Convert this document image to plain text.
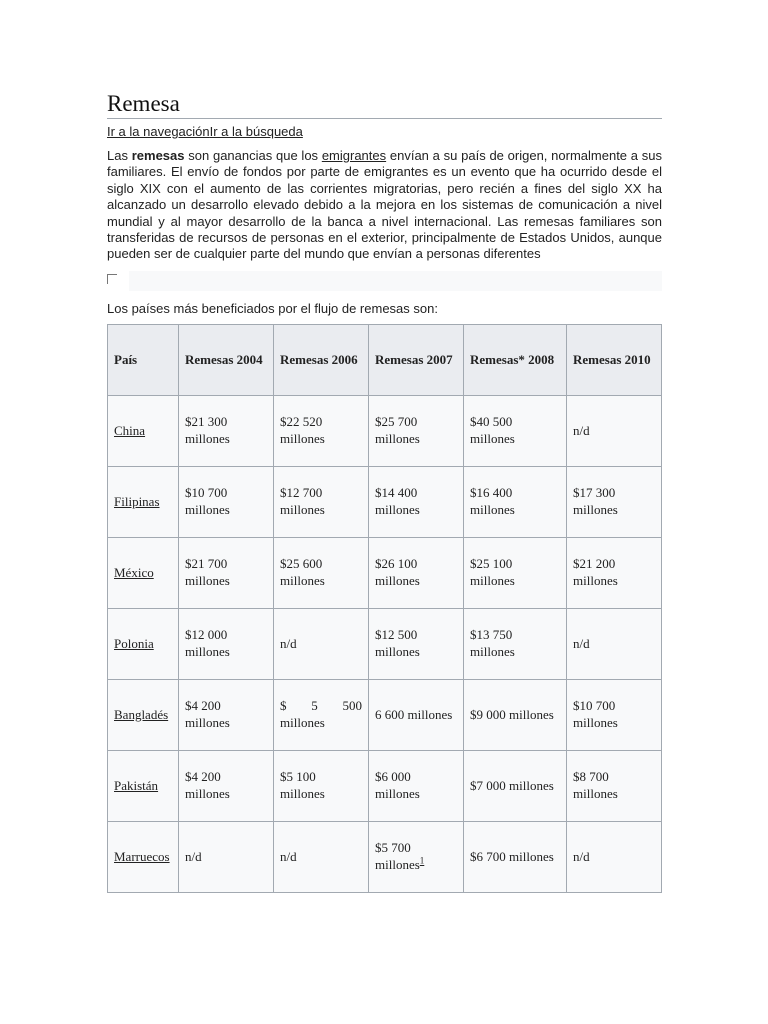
Remesa
Ir a la navegaciónIr a la búsqueda
Las remesas son ganancias que los emigrantes envían a su país de origen, normalmente a sus familiares. El envío de fondos por parte de emigrantes es un evento que ha ocurrido desde el siglo XIX con el aumento de las corrientes migratorias, pero recién a fines del siglo XX ha alcanzado un desarrollo elevado debido a la mejora en los sistemas de comunicación a nivel mundial y al mayor desarrollo de la banca a nivel internacional. Las remesas familiares son transferidas de recursos de personas en el exterior, principalmente de Estados Unidos, aunque pueden ser de cualquier parte del mundo que envían a personas diferentes
Los países más beneficiados por el flujo de remesas son:
País	Remesas 2004	Remesas 2006	Remesas 2007	Remesas* 2008	Remesas 2010
China	$21 300 millones	$22 520 millones	$25 700 millones	$40 500 millones	n/d
Filipinas	$10 700 millones	$12 700 millones	$14 400 millones	$16 400 millones	$17 300 millones
México	$21 700 millones	$25 600 millones	$26 100 millones	$25 100 millones	$21 200 millones
Polonia	$12 000 millones	n/d	$12 500 millones	$13 750 millones	n/d
Bangladés	$4 200 millones	$ 5 500 millones	6 600 millones	$9 000 millones	$10 700 millones
Pakistán	$4 200 millones	$5 100 millones	$6 000 millones	$7 000 millones	$8 700 millones
Marruecos	n/d	n/d	$5 700 millones$^1$	$6 700 millones	n/d
